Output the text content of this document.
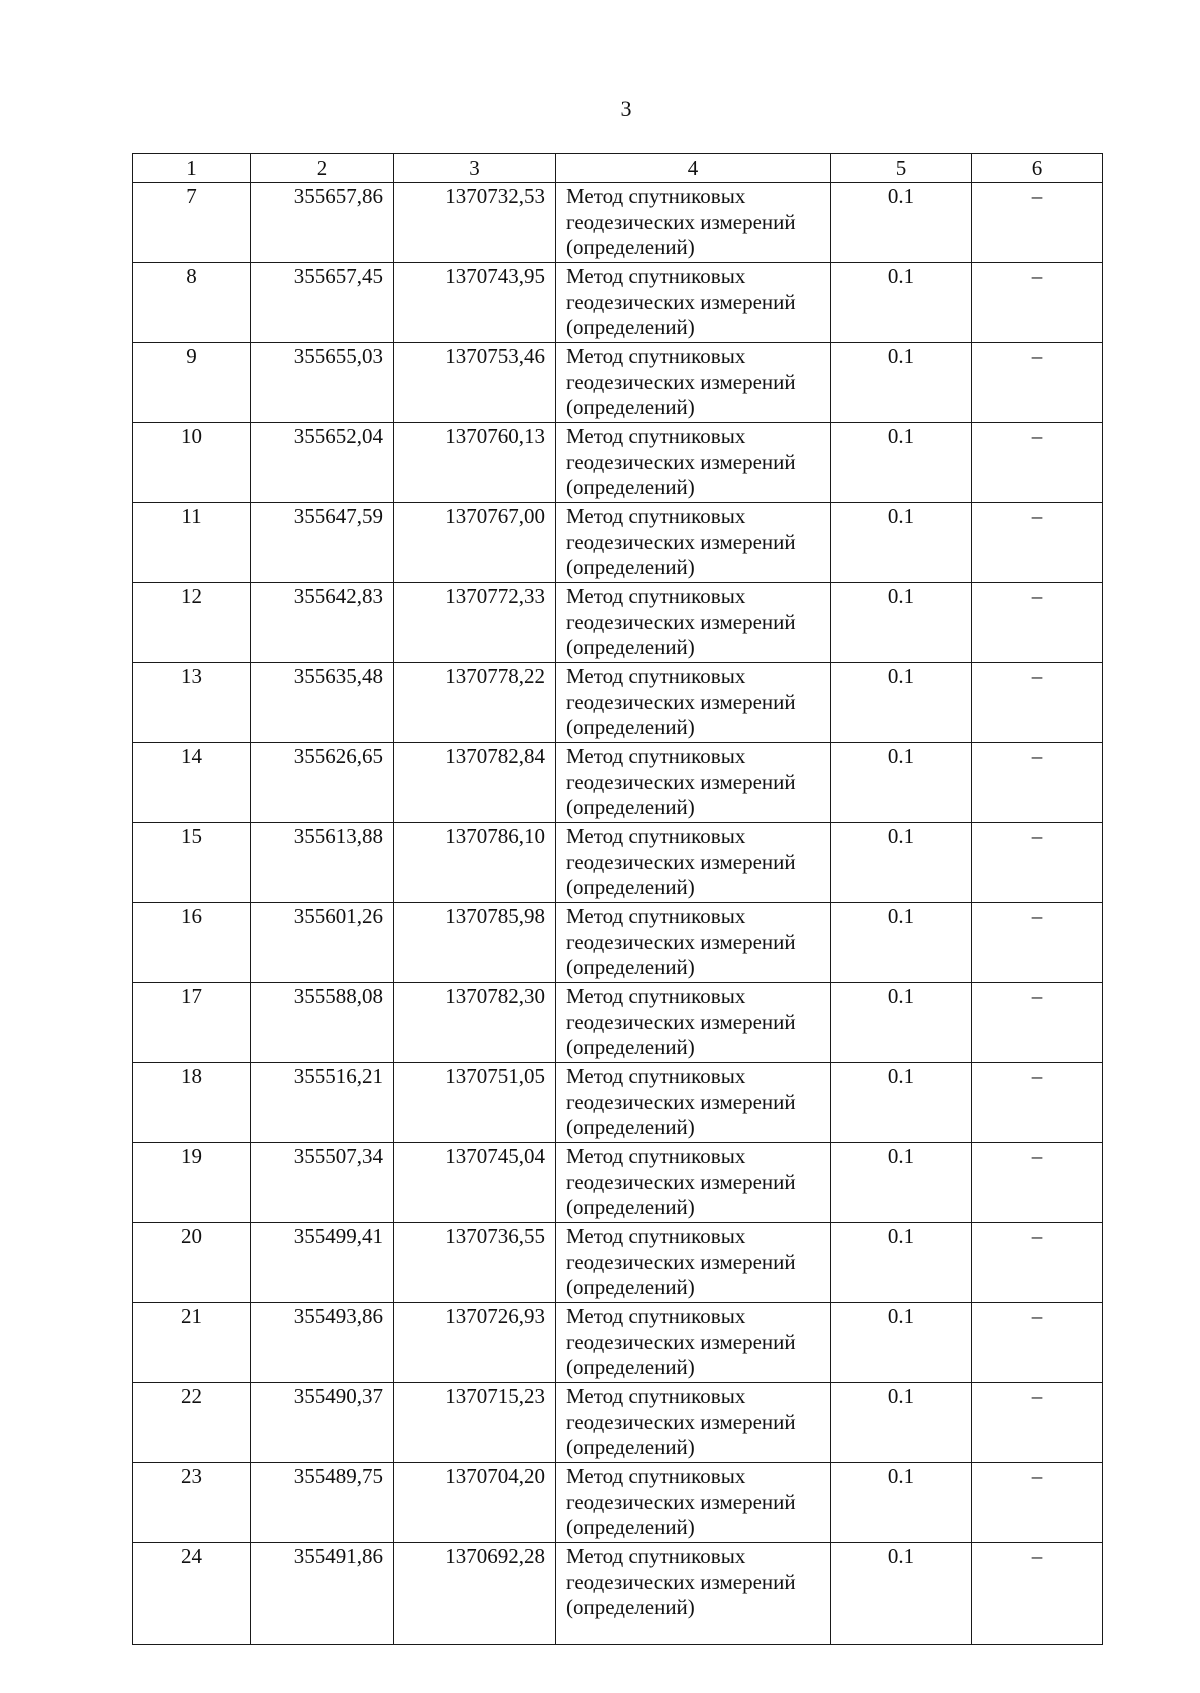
3
1	2	3	4	5	6
7	355657,86	1370732,53	Метод спутниковых геодезических измерений (определений)	0.1	–
8	355657,45	1370743,95	Метод спутниковых геодезических измерений (определений)	0.1	–
9	355655,03	1370753,46	Метод спутниковых геодезических измерений (определений)	0.1	–
10	355652,04	1370760,13	Метод спутниковых геодезических измерений (определений)	0.1	–
11	355647,59	1370767,00	Метод спутниковых геодезических измерений (определений)	0.1	–
12	355642,83	1370772,33	Метод спутниковых геодезических измерений (определений)	0.1	–
13	355635,48	1370778,22	Метод спутниковых геодезических измерений (определений)	0.1	–
14	355626,65	1370782,84	Метод спутниковых геодезических измерений (определений)	0.1	–
15	355613,88	1370786,10	Метод спутниковых геодезических измерений (определений)	0.1	–
16	355601,26	1370785,98	Метод спутниковых геодезических измерений (определений)	0.1	–
17	355588,08	1370782,30	Метод спутниковых геодезических измерений (определений)	0.1	–
18	355516,21	1370751,05	Метод спутниковых геодезических измерений (определений)	0.1	–
19	355507,34	1370745,04	Метод спутниковых геодезических измерений (определений)	0.1	–
20	355499,41	1370736,55	Метод спутниковых геодезических измерений (определений)	0.1	–
21	355493,86	1370726,93	Метод спутниковых геодезических измерений (определений)	0.1	–
22	355490,37	1370715,23	Метод спутниковых геодезических измерений (определений)	0.1	–
23	355489,75	1370704,20	Метод спутниковых геодезических измерений (определений)	0.1	–
24	355491,86	1370692,28	Метод спутниковых геодезических измерений (определений)	0.1	–
